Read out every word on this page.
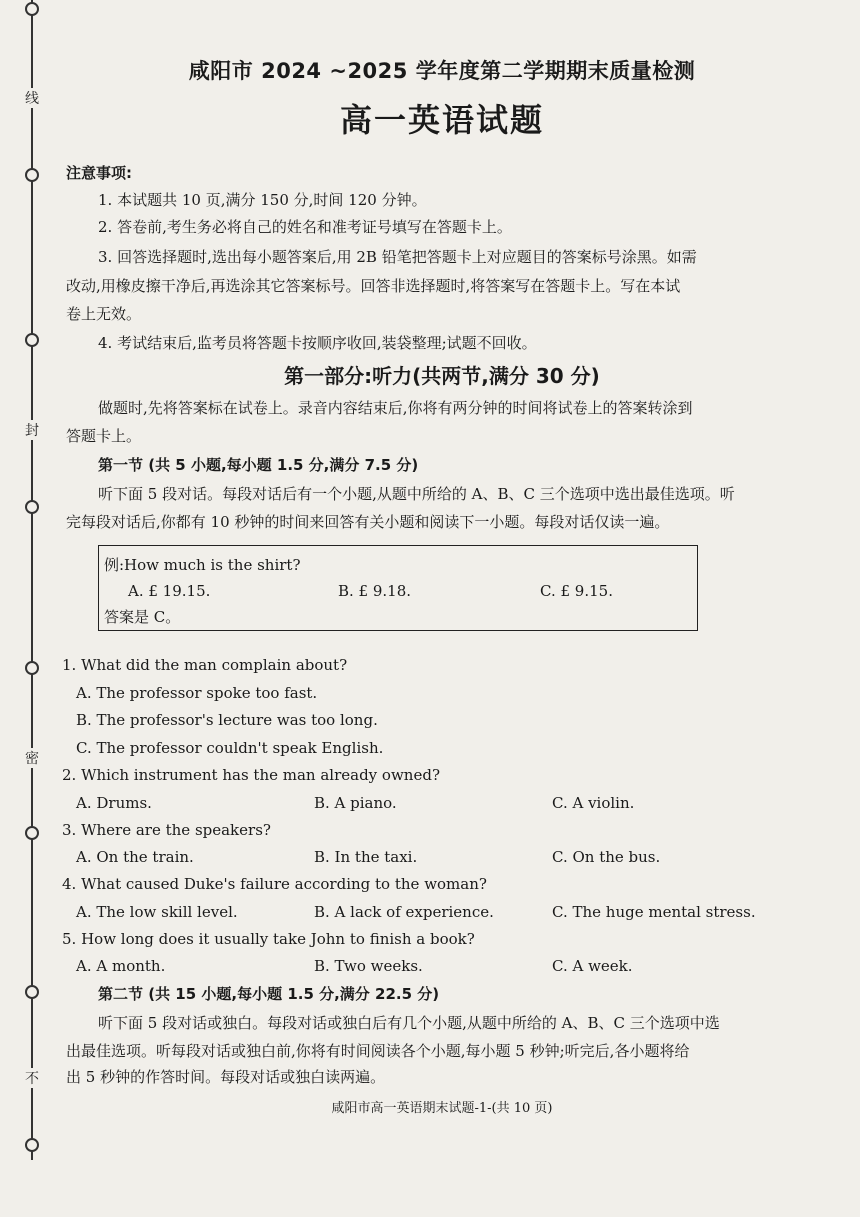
线
封
密
不
咸阳市 2024 ~2025 学年度第二学期期末质量检测
高一英语试题
注意事项:
1. 本试题共 10 页,满分 150 分,时间 120 分钟。
2. 答卷前,考生务必将自己的姓名和准考证号填写在答题卡上。
3. 回答选择题时,选出每小题答案后,用 2B 铅笔把答题卡上对应题目的答案标号涂黑。如需
改动,用橡皮擦干净后,再选涂其它答案标号。回答非选择题时,将答案写在答题卡上。写在本试
卷上无效。
4. 考试结束后,监考员将答题卡按顺序收回,装袋整理;试题不回收。
第一部分:听力(共两节,满分 30 分)
做题时,先将答案标在试卷上。录音内容结束后,你将有两分钟的时间将试卷上的答案转涂到
答题卡上。
第一节 (共 5 小题,每小题 1.5 分,满分 7.5 分)
听下面 5 段对话。每段对话后有一个小题,从题中所给的 A、B、C 三个选项中选出最佳选项。听
完每段对话后,你都有 10 秒钟的时间来回答有关小题和阅读下一小题。每段对话仅读一遍。
例:How much is the shirt?
A. £ 19.15.	B. £ 9.18.	C. £ 9.15.
答案是 C。
1. What did the man complain about?
A. The professor spoke too fast.
B. The professor's lecture was too long.
C. The professor couldn't speak English.
2. Which instrument has the man already owned?
A. Drums.	B. A piano.	C. A violin.
3. Where are the speakers?
A. On the train.	B. In the taxi.	C. On the bus.
4. What caused Duke's failure according to the woman?
A. The low skill level.	B. A lack of experience.	C. The huge mental stress.
5. How long does it usually take John to finish a book?
A. A month.	B. Two weeks.	C. A week.
第二节 (共 15 小题,每小题 1.5 分,满分 22.5 分)
听下面 5 段对话或独白。每段对话或独白后有几个小题,从题中所给的 A、B、C 三个选项中选
出最佳选项。听每段对话或独白前,你将有时间阅读各个小题,每小题 5 秒钟;听完后,各小题将给
出 5 秒钟的作答时间。每段对话或独白读两遍。
咸阳市高一英语期末试题-1-(共 10 页)
